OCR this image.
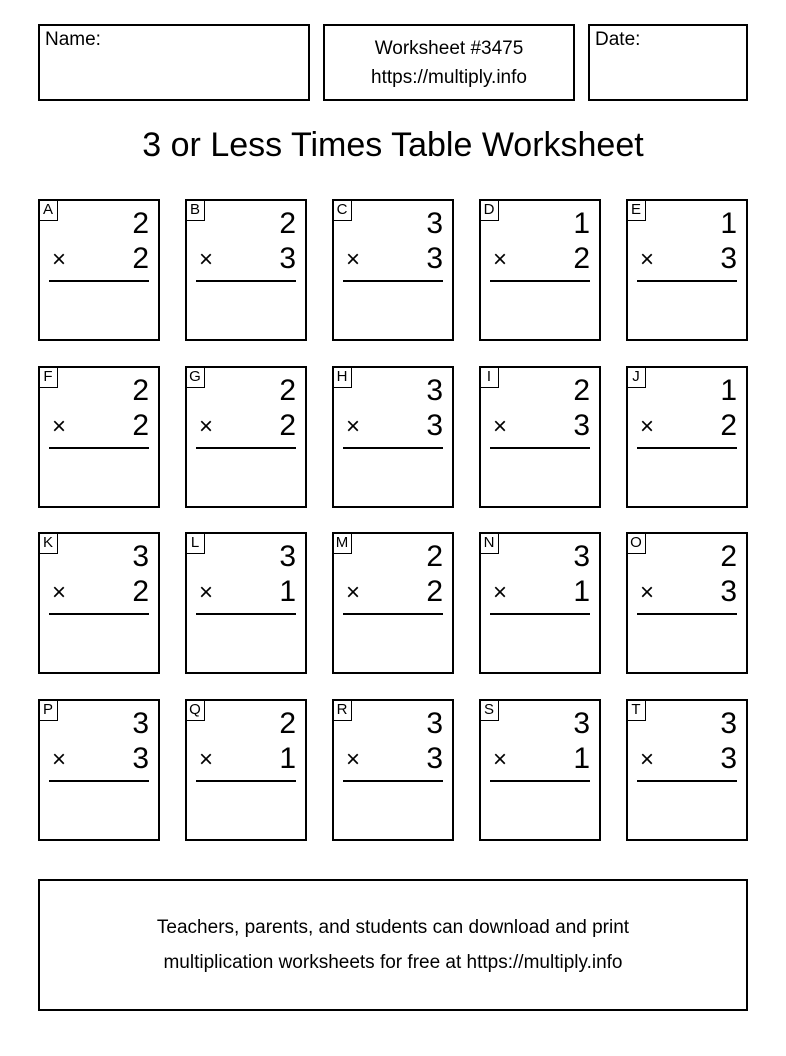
Name:	Worksheet #3475
https://multiply.info
Date:
3 or Less Times Table Worksheet
A	2
× 2
B	2
× 3
C	3
× 3
D	1
× 2
E	1
× 3
F	2
× 2
G	2
× 2
H	3
× 3
I	2
× 3
J	1
× 2
K	3
× 2
L	3
× 1
M	2
× 2
N	3
× 1
O	2
× 3
P	3
× 3
Q	2
× 1
R	3
× 3
S	3
× 1
T	3
× 3
Teachers, parents, and students can download and print
multiplication worksheets for free at https://multiply.info
